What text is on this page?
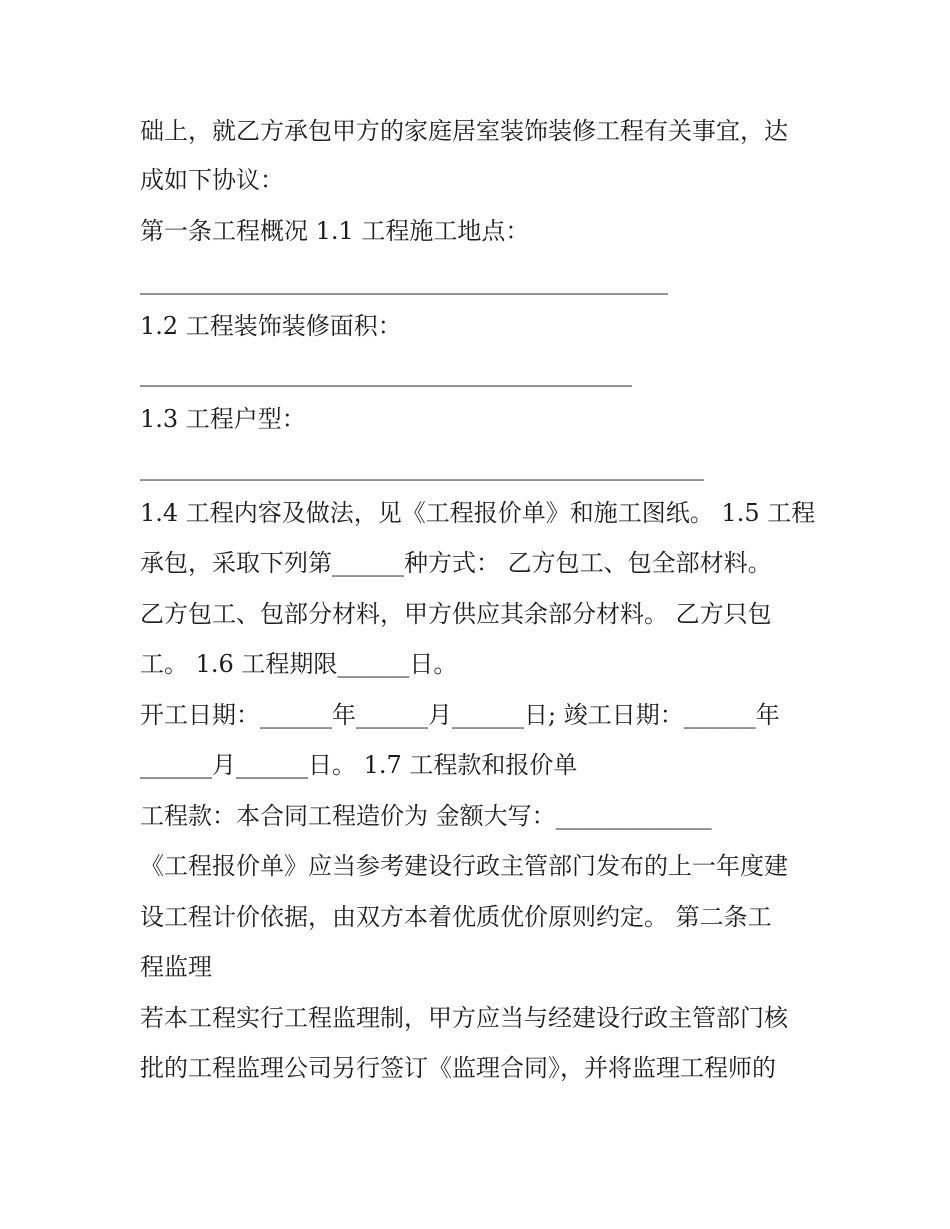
础上，就乙方承包甲方的家庭居室装饰装修工程有关事宜，达
成如下协议：
第一条工程概况 1.1 工程施工地点：
____________________________________________
1.2 工程装饰装修面积：
_________________________________________
1.3 工程户型：
_______________________________________________
1.4 工程内容及做法，见《工程报价单》和施工图纸。 1.5 工程
承包，采取下列第______种方式： 乙方包工、包全部材料。
乙方包工、包部分材料，甲方供应其余部分材料。 乙方只包
工。 1.6 工程期限______日。
开工日期：______年______月______日; 竣工日期：______年
______月______日。 1.7 工程款和报价单
工程款：本合同工程造价为 金额大写：_____________
《工程报价单》应当参考建设行政主管部门发布的上一年度建
设工程计价依据，由双方本着优质优价原则约定。 第二条工
程监理
若本工程实行工程监理制，甲方应当与经建设行政主管部门核
批的工程监理公司另行签订《监理合同》，并将监理工程师的
